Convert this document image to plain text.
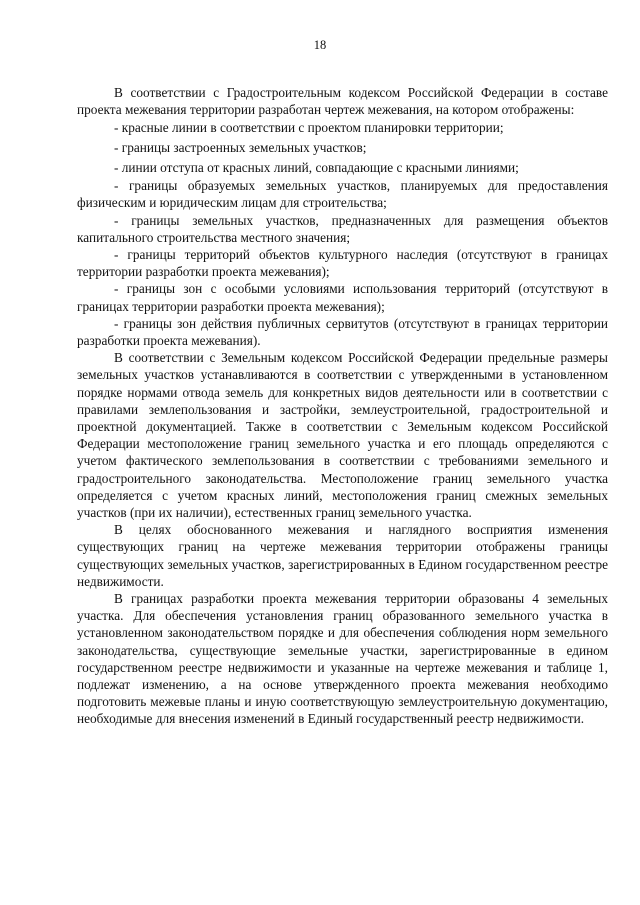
18

В соответствии с Градостроительным кодексом Российской Федерации в составе проекта межевания территории разработан чертеж межевания, на котором отображены:

- красные линии в соответствии с проектом планировки территории;

- границы застроенных земельных участков;

- линии отступа от красных линий, совпадающие с красными линиями;

- границы образуемых земельных участков, планируемых для предоставления физическим и юридическим лицам для строительства;

- границы земельных участков, предназначенных для размещения объектов капитального строительства местного значения;

- границы территорий объектов культурного наследия (отсутствуют в границах территории разработки проекта межевания);

- границы зон с особыми условиями использования территорий (отсутствуют в границах территории разработки проекта межевания);

- границы зон действия публичных сервитутов (отсутствуют в границах территории разработки проекта межевания).

В соответствии с Земельным кодексом Российской Федерации предельные размеры земельных участков устанавливаются в соответствии с утвержденными в установленном порядке нормами отвода земель для конкретных видов деятельности или в соответствии с правилами землепользования и застройки, землеустроительной, градостроительной и проектной документацией. Также в соответствии с Земельным кодексом Российской Федерации местоположение границ земельного участка и его площадь определяются с учетом фактического землепользования в соответствии с требованиями земельного и градостроительного законодательства. Местоположение границ земельного участка определяется с учетом красных линий, местоположения границ смежных земельных участков (при их наличии), естественных границ земельного участка.

В целях обоснованного межевания и наглядного восприятия изменения существующих границ на чертеже межевания территории отображены границы существующих земельных участков, зарегистрированных в Едином государственном реестре недвижимости.

В границах разработки проекта межевания территории образованы 4 земельных участка. Для обеспечения установления границ образованного земельного участка в установленном законодательством порядке и для обеспечения соблюдения норм земельного законодательства, существующие земельные участки, зарегистрированные в едином государственном реестре недвижимости и указанные на чертеже межевания и таблице 1, подлежат изменению, а на основе утвержденного проекта межевания необходимо подготовить межевые планы и иную соответствующую землеустроительную документацию, необходимые для внесения изменений в Единый государственный реестр недвижимости.
